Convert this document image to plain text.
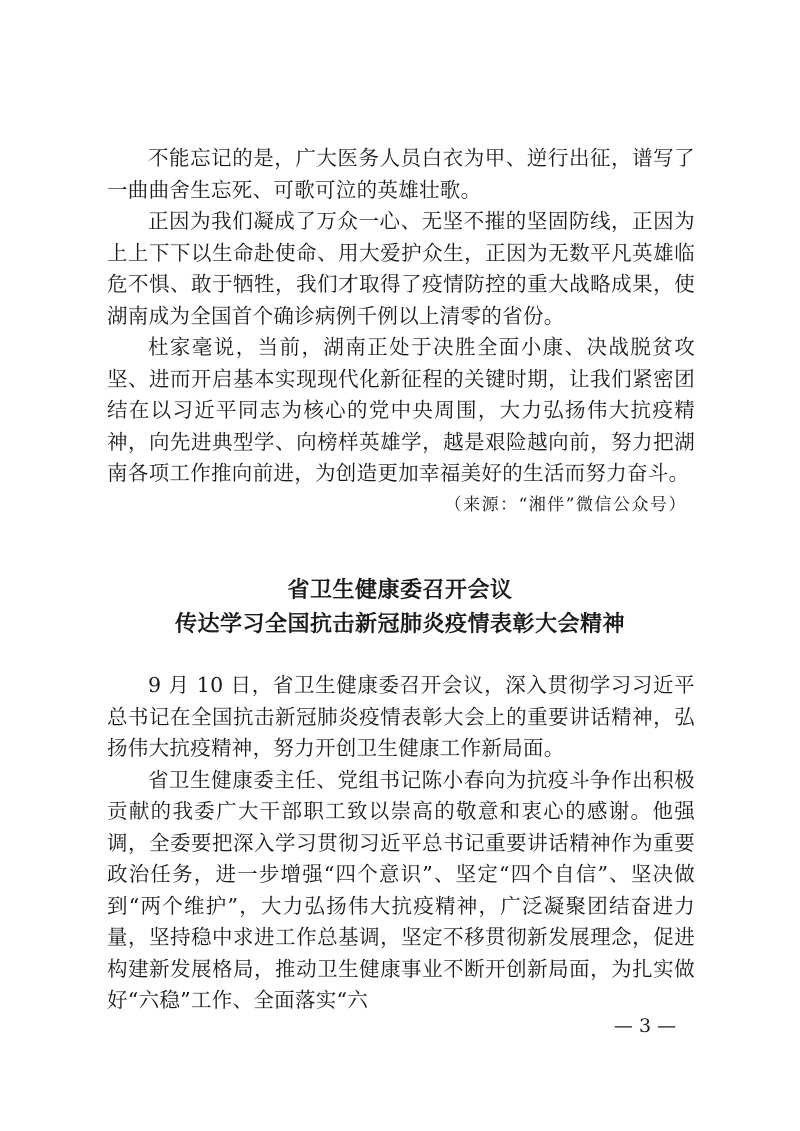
不能忘记的是，广大医务人员白衣为甲、逆行出征，谱写了一曲曲舍生忘死、可歌可泣的英雄壮歌。

正因为我们凝成了万众一心、无坚不摧的坚固防线，正因为上上下下以生命赴使命、用大爱护众生，正因为无数平凡英雄临危不惧、敢于牺牲，我们才取得了疫情防控的重大战略成果，使湖南成为全国首个确诊病例千例以上清零的省份。

杜家毫说，当前，湖南正处于决胜全面小康、决战脱贫攻坚、进而开启基本实现现代化新征程的关键时期，让我们紧密团结在以习近平同志为核心的党中央周围，大力弘扬伟大抗疫精神，向先进典型学、向榜样英雄学，越是艰险越向前，努力把湖南各项工作推向前进，为创造更加幸福美好的生活而努力奋斗。

（来源：“湘伴”微信公众号）

省卫生健康委召开会议
传达学习全国抗击新冠肺炎疫情表彰大会精神

9 月 10 日，省卫生健康委召开会议，深入贯彻学习习近平总书记在全国抗击新冠肺炎疫情表彰大会上的重要讲话精神，弘扬伟大抗疫精神，努力开创卫生健康工作新局面。

省卫生健康委主任、党组书记陈小春向为抗疫斗争作出积极贡献的我委广大干部职工致以崇高的敬意和衷心的感谢。他强调，全委要把深入学习贯彻习近平总书记重要讲话精神作为重要政治任务，进一步增强“四个意识”、坚定“四个自信”、坚决做到“两个维护”，大力弘扬伟大抗疫精神，广泛凝聚团结奋进力量，坚持稳中求进工作总基调，坚定不移贯彻新发展理念，促进构建新发展格局，推动卫生健康事业不断开创新局面，为扎实做好“六稳”工作、全面落实“六

— 3 —
